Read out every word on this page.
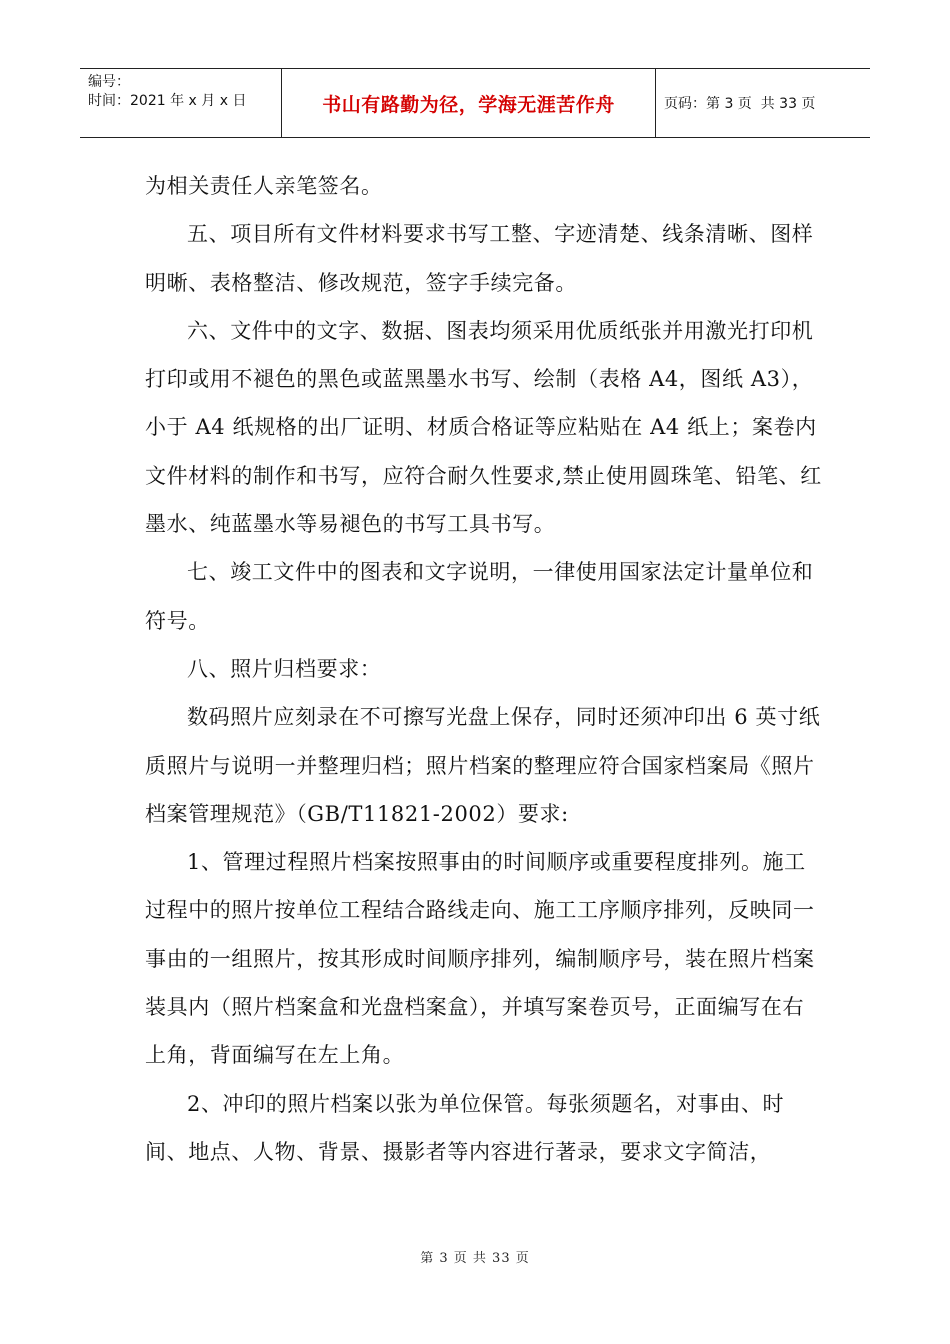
编号：
时间：2021 年 x 月 x 日	书山有路勤为径，学海无涯苦作舟	页码：第 3 页  共 33 页

为相关责任人亲笔签名。

五、项目所有文件材料要求书写工整、字迹清楚、线条清晰、图样明晰、表格整洁、修改规范，签字手续完备。

六、文件中的文字、数据、图表均须采用优质纸张并用激光打印机打印或用不褪色的黑色或蓝黑墨水书写、绘制（表格 A4，图纸 A3），小于 A4 纸规格的出厂证明、材质合格证等应粘贴在 A4 纸上；案卷内文件材料的制作和书写，应符合耐久性要求,禁止使用圆珠笔、铅笔、红墨水、纯蓝墨水等易褪色的书写工具书写。

七、竣工文件中的图表和文字说明，一律使用国家法定计量单位和符号。

八、照片归档要求：

数码照片应刻录在不可擦写光盘上保存，同时还须冲印出 6 英寸纸质照片与说明一并整理归档；照片档案的整理应符合国家档案局《照片档案管理规范》（GB/T11821-2002）要求:

1、管理过程照片档案按照事由的时间顺序或重要程度排列。施工过程中的照片按单位工程结合路线走向、施工工序顺序排列，反映同一事由的一组照片，按其形成时间顺序排列，编制顺序号，装在照片档案装具内（照片档案盒和光盘档案盒），并填写案卷页号，正面编写在右上角，背面编写在左上角。

2、冲印的照片档案以张为单位保管。每张须题名，对事由、时间、地点、人物、背景、摄影者等内容进行著录，要求文字简洁，

第 3 页 共 33 页
